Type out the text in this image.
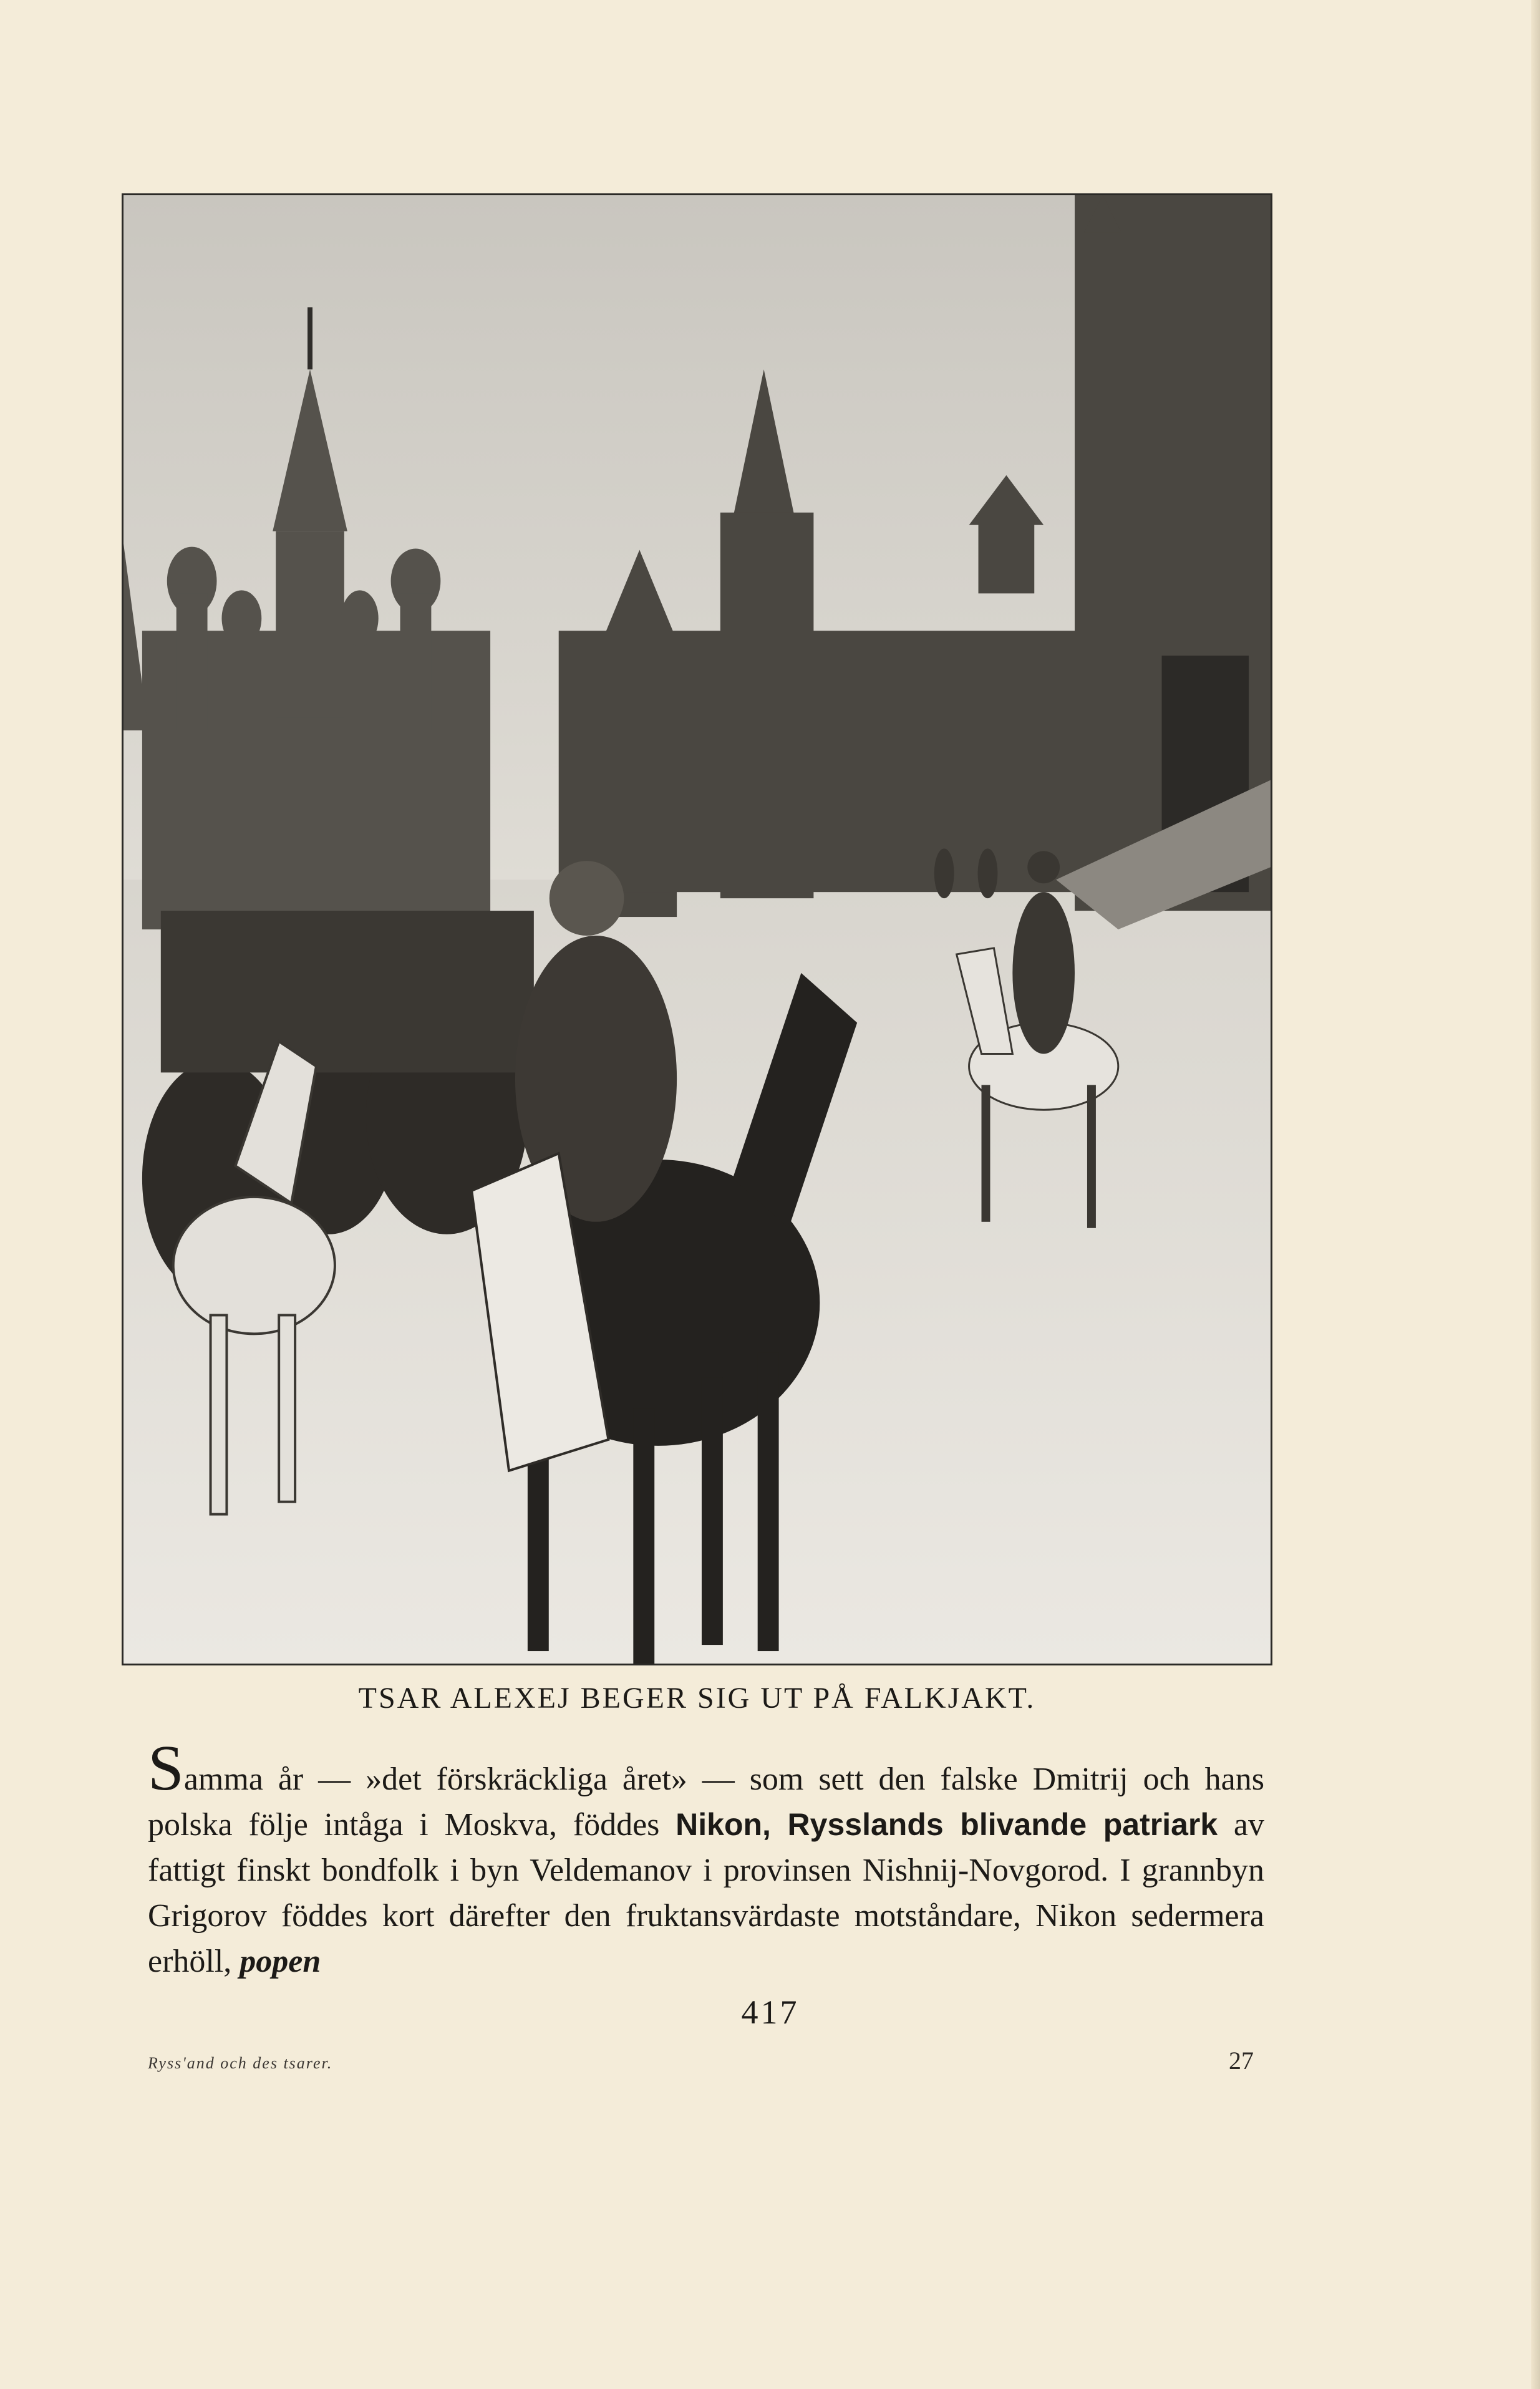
TSAR ALEXEJ BEGER SIG UT PÅ FALKJAKT.
Samma år — »det förskräckliga året» — som sett den falske Dmitrij och hans polska följe intåga i Moskva, föddes Nikon, Rysslands blivande patriark av fattigt finskt bondfolk i byn Veldemanov i provinsen Nishnij-Novgorod. I grannbyn Grigorov föddes kort därefter den fruktansvärdaste motståndare, Nikon sedermera erhöll, popen
417
Ryss'and och des tsarer.	27
